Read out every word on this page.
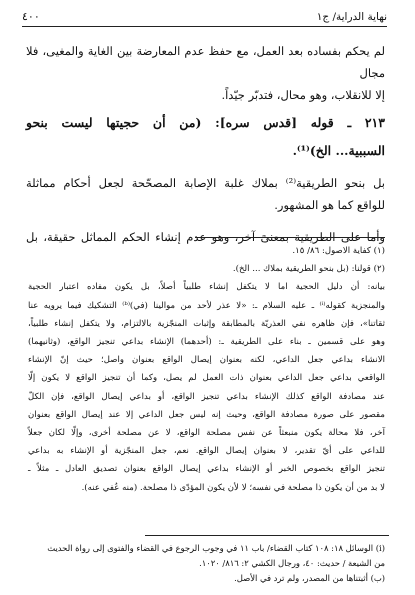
نهاية الدراية/ ج١
٤٠٠

لم يحكم بفساده بعد العمل، مع حفظ عدم المعارضة بين الغاية والمغيى، فلا مجال

إلا للانقلاب، وهو محال، فتدبّر جيّداً.

٢١٣ ـ قوله [قدس سره]: (من أن حجيتها ليست بنحو

السببية... الخ)⁽¹⁾.

بل بنحو الطريقية⁽²⁾ بملاك غلبة الإصابة المصحّحة لجعل أحكام مماثلة

للواقع كما هو المشهور.

وأما على الطريقية بمعنىً آخر، وهو عدم إنشاء الحكم المماثل حقيقة، بل

(١) كفاية الاصول: ٨٦/ ١٥.

(٢) قولنا: (بل بنحو الطريقية بملاك ... الخ).

بيانه: أن دليل الحجية اما لا يتكفل إنشاء طلبياً أصلاً، بل يكون مفاده اعتبار الحجية

والمنجزية كقوله⁽ⁱ⁾ ـ عليه السلام ـ: «لا عذر لأحد من موالينا (في)⁽ᵇ⁾ التشكيك فيما يرويه عنا

ثقاتنا»، فإن ظاهره نفي العذريّة بالمطابقة وإثبات المنجّزية بالالتزام، ولا يتكفل إنشاء طلبياً،

وهو على قسمين ـ بناء على الطريقية ـ: (أحدهما) الإنشاء بداعي تنجيز الواقع، (وثانيهما)

الانشاء بداعي جعل الداعي، لكنه بعنوان إيصال الواقع بعنوان واصل؛ حيث إنّ الإنشاء

الواقعي بداعي جعل الداعي بعنوان ذات العمل لم يصل، وكما أن تنجيز الواقع لا يكون إلّا

عند مصادفة الواقع كذلك الإنشاء بداعي تنجيز الواقع، أو بداعي إيصال الواقع، فإن الكلّ

مقصور على صورة مصادفة الواقع، وحيث إنه ليس جعل الداعي إلا عند إيصال الواقع بعنوان

آخر، فلا محالة يكون منبعثاً عن نفس مصلحة الواقع، لا عن مصلحة أخرى، وإلّا لكان جعلاً

للداعي على أيّ تقدير، لا بعنوان إيصال الواقع. نعم، جعل المنجّزية أو الإنشاء به بداعي

تنجيز الواقع بخصوص الخبر أو الإنشاء بداعي إيصال الواقع بعنوان تصديق العادل ـ مثلاً ـ

لا بد من أن يكون ذا مصلحة في نفسه؛ لا لأن يكون المؤدّى ذا مصلحة. (منه عُفي عنه).

(i) الوسائل ١٨: ١٠٨ كتاب القضاء/ باب ١١ في وجوب الرجوع في القضاء والفتوى إلى رواة الحديث

من الشيعة / حديث: ٤٠، ورجال الكشي ٢: ٨١٦/ ١٠٢٠.

(ب) أثبتناها من المصدر، ولم ترد في الأصل.
